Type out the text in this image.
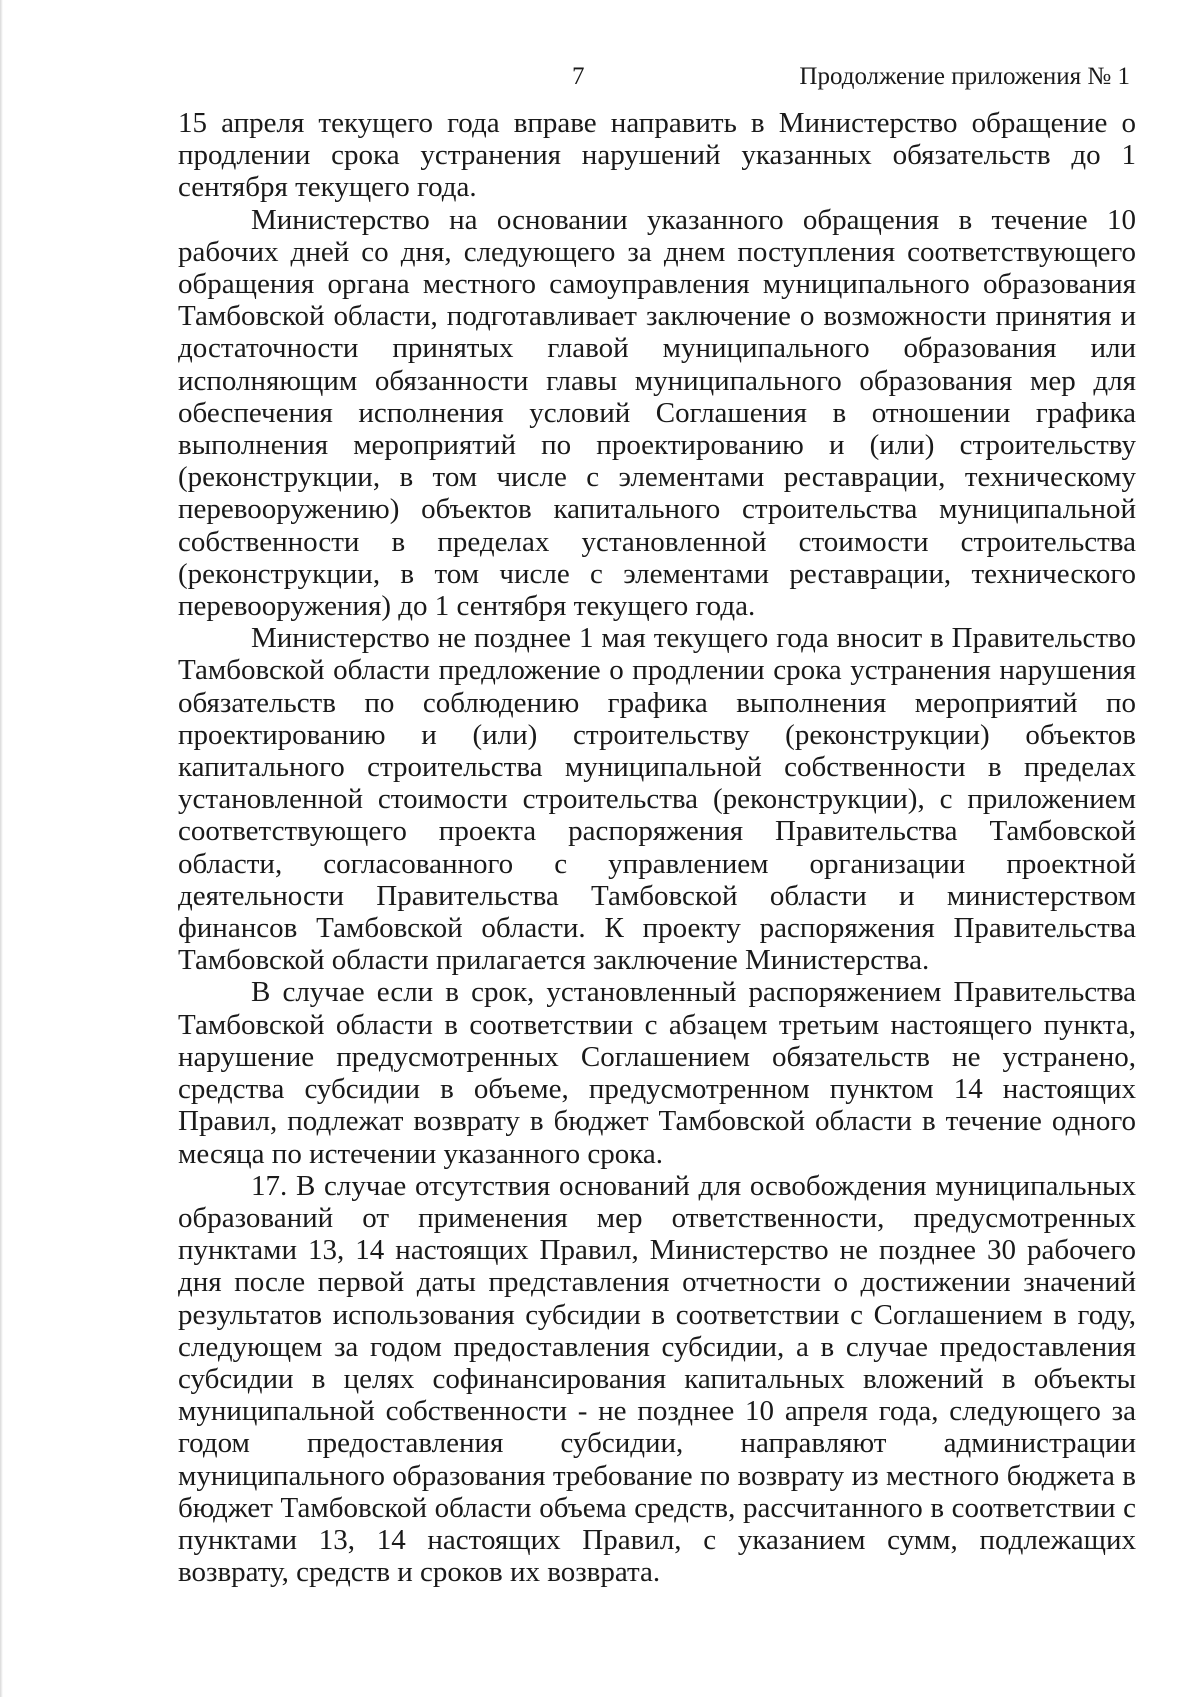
7	Продолжение приложения № 1

15 апреля текущего года вправе направить в Министерство обращение о продлении срока устранения нарушений указанных обязательств до 1 сентября текущего года.

Министерство на основании указанного обращения в течение 10 рабочих дней со дня, следующего за днем поступления соответствующего обращения органа местного самоуправления муниципального образования Тамбовской области, подготавливает заключение о возможности принятия и достаточности принятых главой муниципального образования или исполняющим обязанности главы муниципального образования мер для обеспечения исполнения условий Соглашения в отношении графика выполнения мероприятий по проектированию и (или) строительству (реконструкции, в том числе с элементами реставрации, техническому перевооружению) объектов капитального строительства муниципальной собственности в пределах установленной стоимости строительства (реконструкции, в том числе с элементами реставрации, технического перевооружения) до 1 сентября текущего года.

Министерство не позднее 1 мая текущего года вносит в Правительство Тамбовской области предложение о продлении срока устранения нарушения обязательств по соблюдению графика выполнения мероприятий по проектированию и (или) строительству (реконструкции) объектов капитального строительства муниципальной собственности в пределах установленной стоимости строительства (реконструкции), с приложением соответствующего проекта распоряжения Правительства Тамбовской области, согласованного с управлением организации проектной деятельности Правительства Тамбовской области и министерством финансов Тамбовской области. К проекту распоряжения Правительства Тамбовской области прилагается заключение Министерства.

В случае если в срок, установленный распоряжением Правительства Тамбовской области в соответствии с абзацем третьим настоящего пункта, нарушение предусмотренных Соглашением обязательств не устранено, средства субсидии в объеме, предусмотренном пунктом 14 настоящих Правил, подлежат возврату в бюджет Тамбовской области в течение одного месяца по истечении указанного срока.

17. В случае отсутствия оснований для освобождения муниципальных образований от применения мер ответственности, предусмотренных пунктами 13, 14 настоящих Правил, Министерство не позднее 30 рабочего дня после первой даты представления отчетности о достижении значений результатов использования субсидии в соответствии с Соглашением в году, следующем за годом предоставления субсидии, а в случае предоставления субсидии в целях софинансирования капитальных вложений в объекты муниципальной собственности - не позднее 10 апреля года, следующего за годом предоставления субсидии, направляют администрации муниципального образования требование по возврату из местного бюджета в бюджет Тамбовской области объема средств, рассчитанного в соответствии с пунктами 13, 14 настоящих Правил, с указанием сумм, подлежащих возврату, средств и сроков их возврата.
